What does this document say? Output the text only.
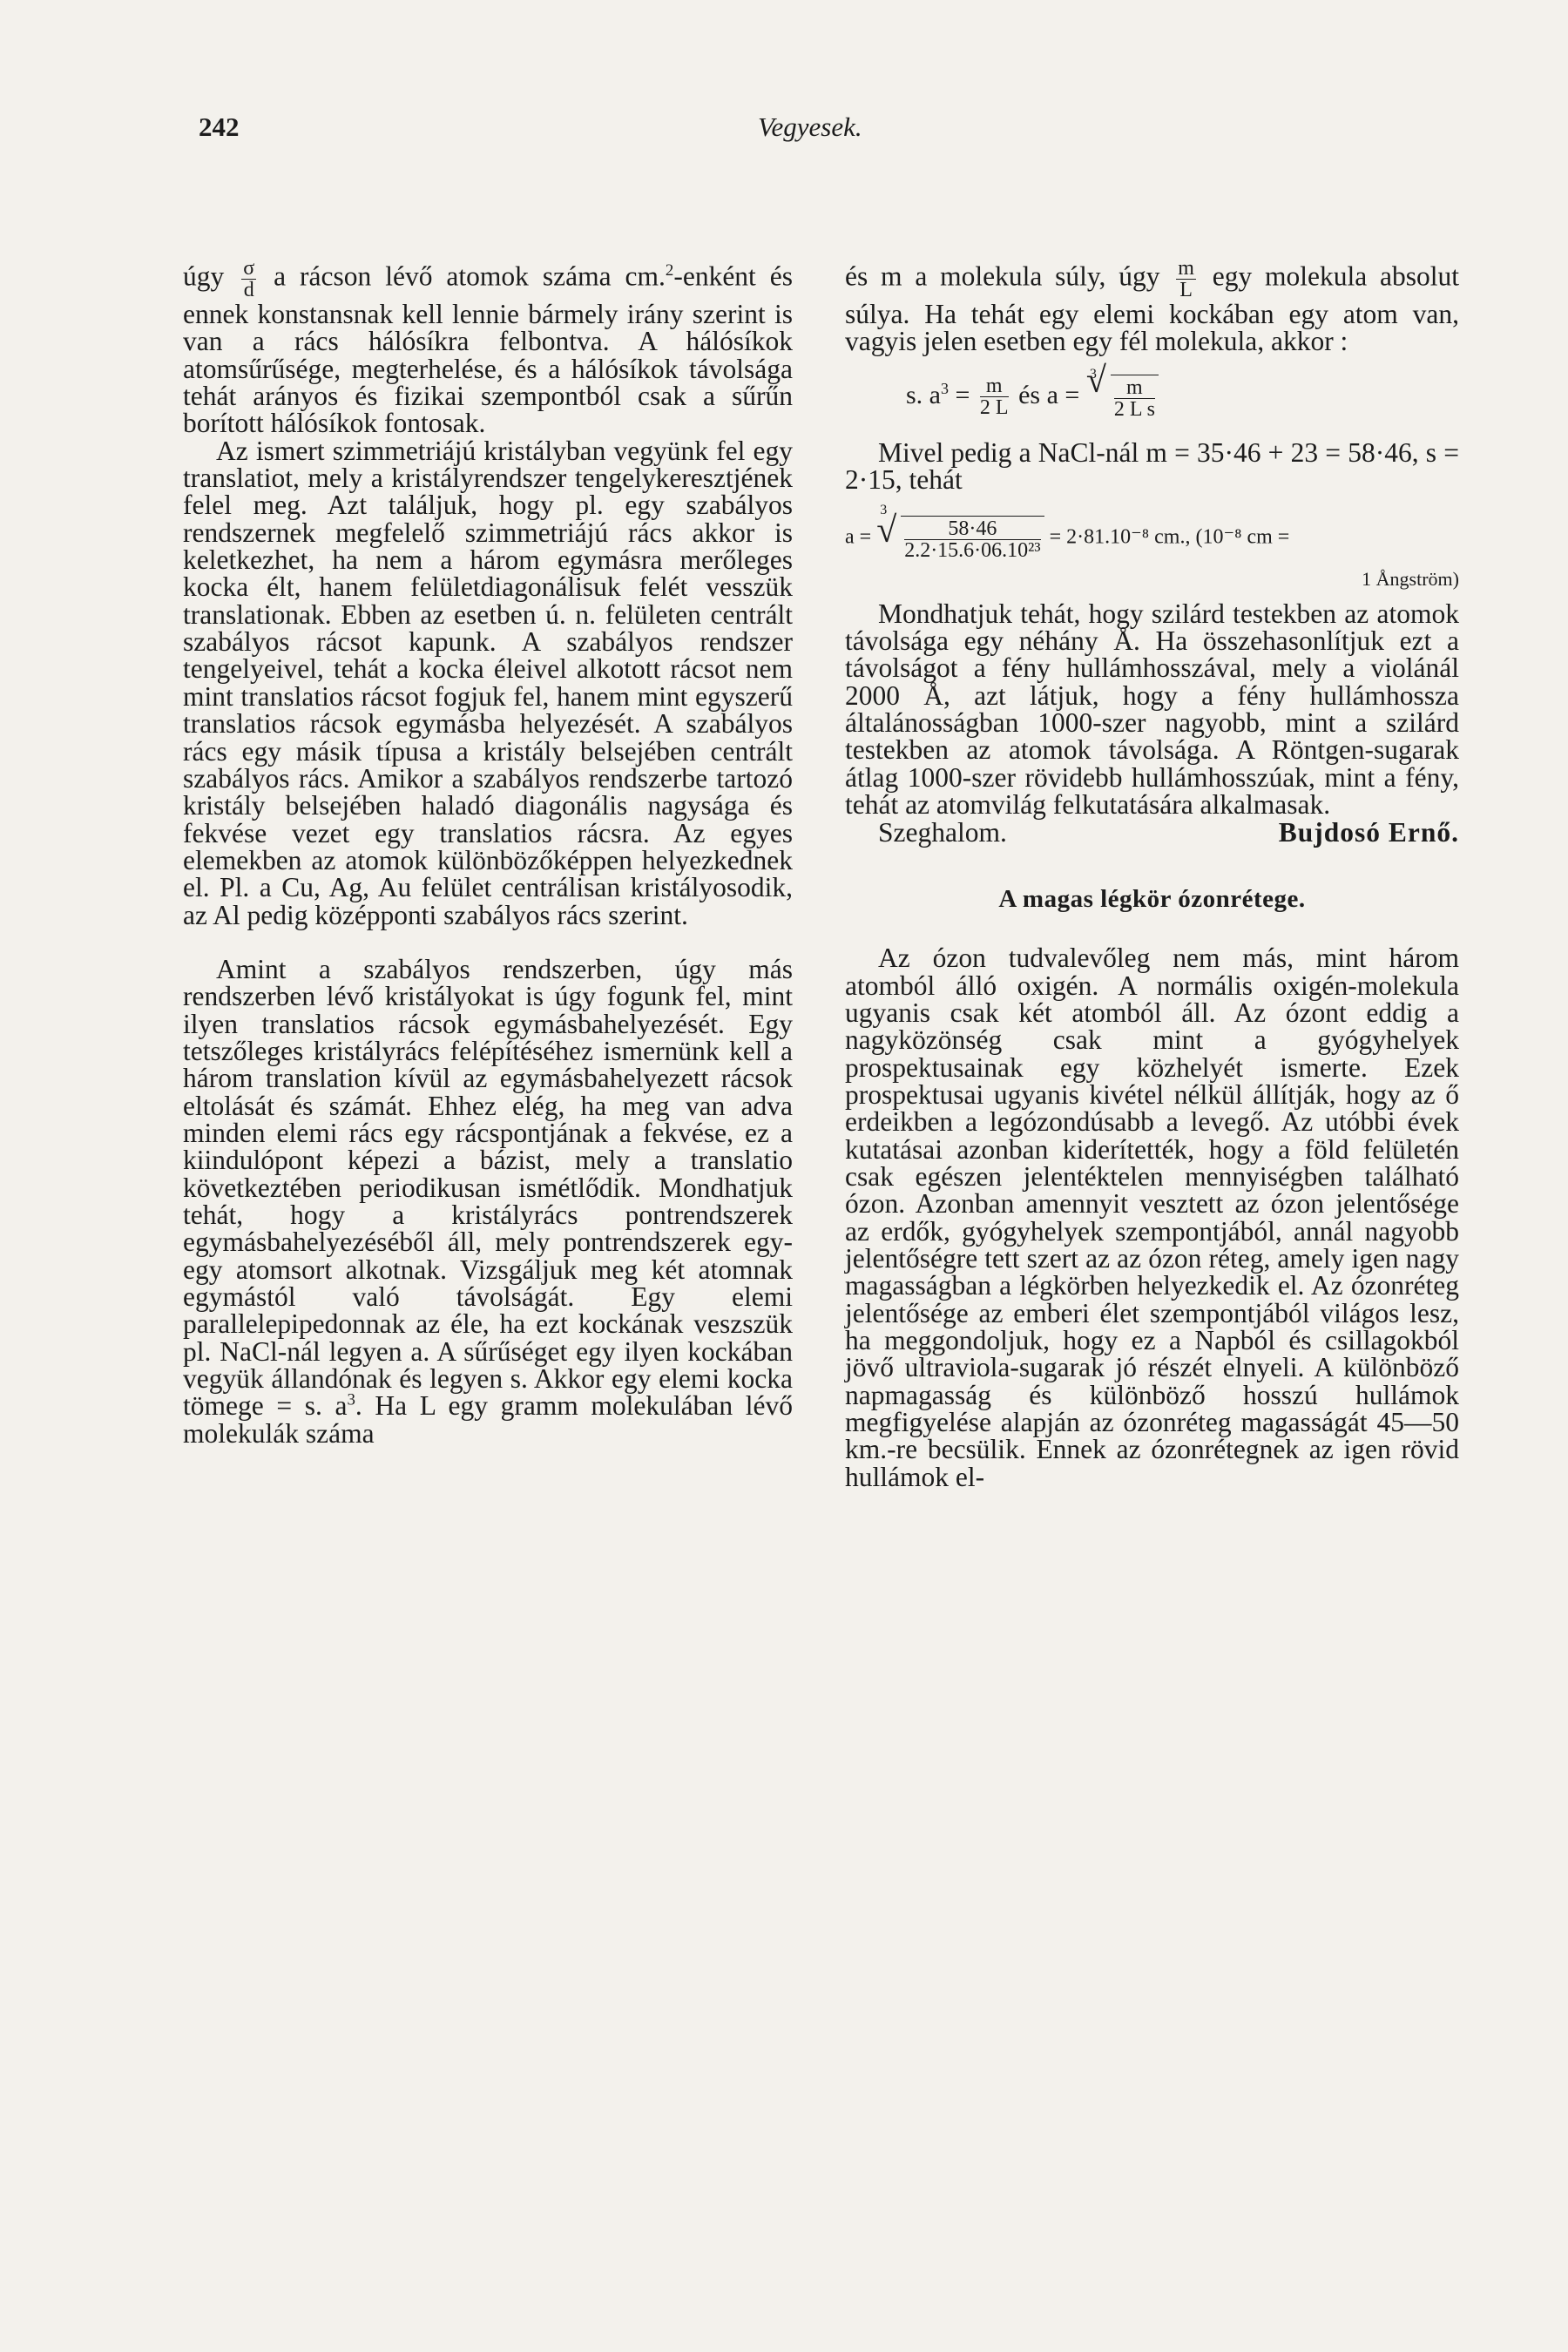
242	Vegyesek.

úgy $\frac{\sigma}{d}$ a rácson lévő atomok száma cm.$^2$-enként és ennek konstansnak kell lennie bármely irány szerint is van a rács hálósíkra felbontva. A hálósíkok atomsűrűsége, megterhelése, és a hálósíkok távolsága tehát arányos és fizikai szempontból csak a sűrűn borított hálósíkok fontosak.

Az ismert szimmetriájú kristályban vegyünk fel egy translatiot, mely a kristályrendszer tengelykeresztjének felel meg. Azt találjuk, hogy pl. egy szabályos rendszernek megfelelő szimmetriájú rács akkor is keletkezhet, ha nem a három egymásra merőleges kocka élt, hanem felületdiagonálisuk felét vesszük translationak. Ebben az esetben ú. n. felületen centrált szabályos rácsot kapunk. A szabályos rendszer tengelyeivel, tehát a kocka éleivel alkotott rácsot nem mint translatios rácsot fogjuk fel, hanem mint egyszerű translatios rácsok egymásba helyezését. A szabályos rács egy másik típusa a kristály belsejében centrált szabályos rács. Amikor a szabályos rendszerbe tartozó kristály belsejében haladó diagonális nagysága és fekvése vezet egy translatios rácsra. Az egyes elemekben az atomok különbözőképpen helyezkednek el. Pl. a Cu, Ag, Au felület centrálisan kristályosodik, az Al pedig középponti szabályos rács szerint.

Amint a szabályos rendszerben, úgy más rendszerben lévő kristályokat is úgy fogunk fel, mint ilyen translatios rácsok egymásbahelyezését. Egy tetszőleges kristályrács felépítéséhez ismernünk kell a három translation kívül az egymásbahelyezett rácsok eltolását és számát. Ehhez elég, ha meg van adva minden elemi rács egy rácspontjának a fekvése, ez a kiindulópont képezi a bázist, mely a translatio következtében periodikusan ismétlődik. Mondhatjuk tehát, hogy a kristályrács pontrendszerek egymásbahelyezéséből áll, mely pontrendszerek egy-egy atomsort alkotnak. Vizsgáljuk meg két atomnak egymástól való távolságát. Egy elemi parallelepipedonnak az éle, ha ezt kockának veszszük pl. NaCl-nál legyen a. A sűrűséget egy ilyen kockában vegyük állandónak és legyen s. Akkor egy elemi kocka tömege = s. $a^3$. Ha L egy gramm molekulában lévő molekulák száma

és m a molekula súly, úgy $\frac{m}{L}$ egy molekula absolut súlya. Ha tehát egy elemi kockában egy atom van, vagyis jelen esetben egy fél molekula, akkor :

s. $a^3 = \frac{m}{2 L}$ és a =
√ 3
$\frac{m}{\text{2 L s}}$

Mivel pedig a NaCl-nál m = 35·46 + 23 = 58·46, s = 2·15, tehát

a =
√ 3
$\frac{58\cdot 46}{\text{2.2·15.6·06.10²³}} = 2\cdot 81.10^{-8}$ cm., (10⁻⁸ cm =
1 Ångström)

Mondhatjuk tehát, hogy szilárd testekben az atomok távolsága egy néhány Å. Ha összehasonlítjuk ezt a távolságot a fény hullámhosszával, mely a violánál 2000 Å, azt látjuk, hogy a fény hullámhossza általánosságban 1000-szer nagyobb, mint a szilárd testekben az atomok távolsága. A Röntgen-sugarak átlag 1000-szer rövidebb hullámhosszúak, mint a fény, tehát az atomvilág felkutatására alkalmasak.

Szeghalom.	Bujdosó Ernő.

A magas légkör ózonrétege.

Az ózon tudvalevőleg nem más, mint három atomból álló oxigén. A normális oxigén-molekula ugyanis csak két atomból áll. Az ózont eddig a nagyközönség csak mint a gyógyhelyek prospektusainak egy közhelyét ismerte. Ezek prospektusai ugyanis kivétel nélkül állítják, hogy az ő erdeikben a legózondúsabb a levegő. Az utóbbi évek kutatásai azonban kiderítették, hogy a föld felületén csak egészen jelentéktelen mennyiségben található ózon. Azonban amennyit vesztett az ózon jelentősége az erdők, gyógyhelyek szempontjából, annál nagyobb jelentőségre tett szert az az ózon réteg, amely igen nagy magasságban a légkörben helyezkedik el. Az ózonréteg jelentősége az emberi élet szempontjából világos lesz, ha meggondoljuk, hogy ez a Napból és csillagokból jövő ultraviola-sugarak jó részét elnyeli. A különböző napmagasság és különböző hosszú hullámok megfigyelése alapján az ózonréteg magasságát 45—50 km.-re becsülik. Ennek az ózonrétegnek az igen rövid hullámok el-
